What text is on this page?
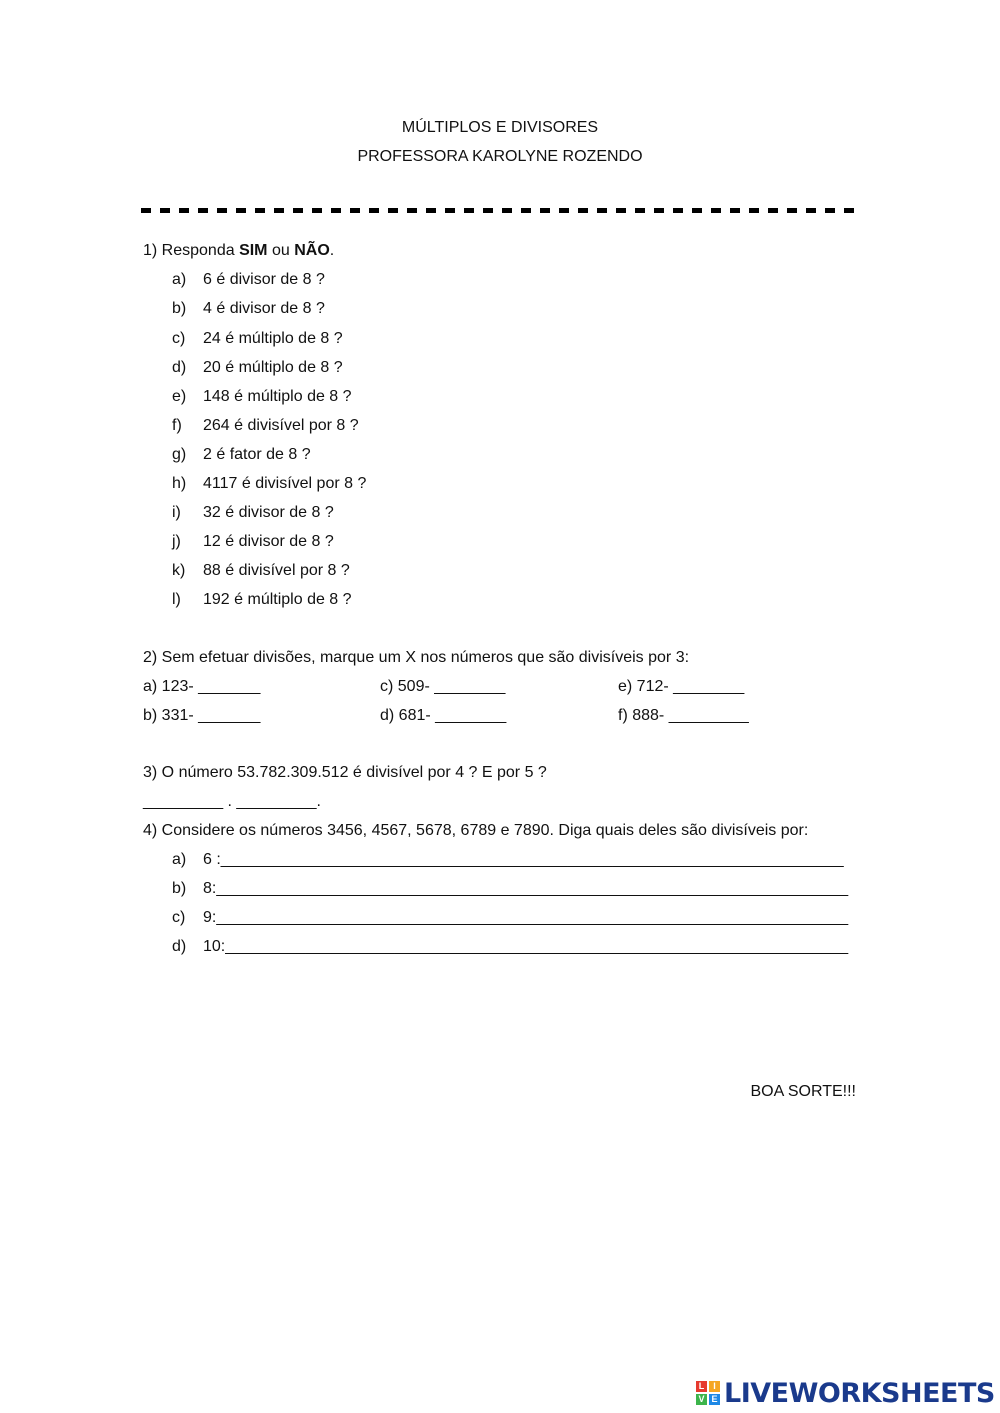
MÚLTIPLOS E DIVISORES
PROFESSORA KAROLYNE ROZENDO
1) Responda SIM ou NÃO.
a) 6 é divisor de 8 ?
b) 4 é divisor de 8 ?
c) 24 é múltiplo de 8 ?
d) 20 é múltiplo de 8 ?
e) 148 é múltiplo de 8 ?
f) 264 é divisível por 8 ?
g) 2 é fator de 8 ?
h) 4117 é divisível por 8 ?
i) 32 é divisor de 8 ?
j) 12 é divisor de 8 ?
k) 88 é divisível por 8 ?
l) 192 é múltiplo de 8 ?
2) Sem efetuar divisões, marque um X nos números que são divisíveis por 3:
a) 123- _______	c) 509- ________	e) 712- ________
b) 331- _______	d) 681- ________	f) 888- _________
3) O número 53.782.309.512 é divisível por 4 ? E por 5 ?
_________ . _________.
4) Considere os números 3456, 4567, 5678, 6789 e 7890. Diga quais deles são divisíveis por:
a) 6 :______________________________________________________________________
b) 8:_______________________________________________________________________
c) 9:_______________________________________________________________________
d) 10:______________________________________________________________________
BOA SORTE!!!
L I
V E LIVEWORKSHEETS
